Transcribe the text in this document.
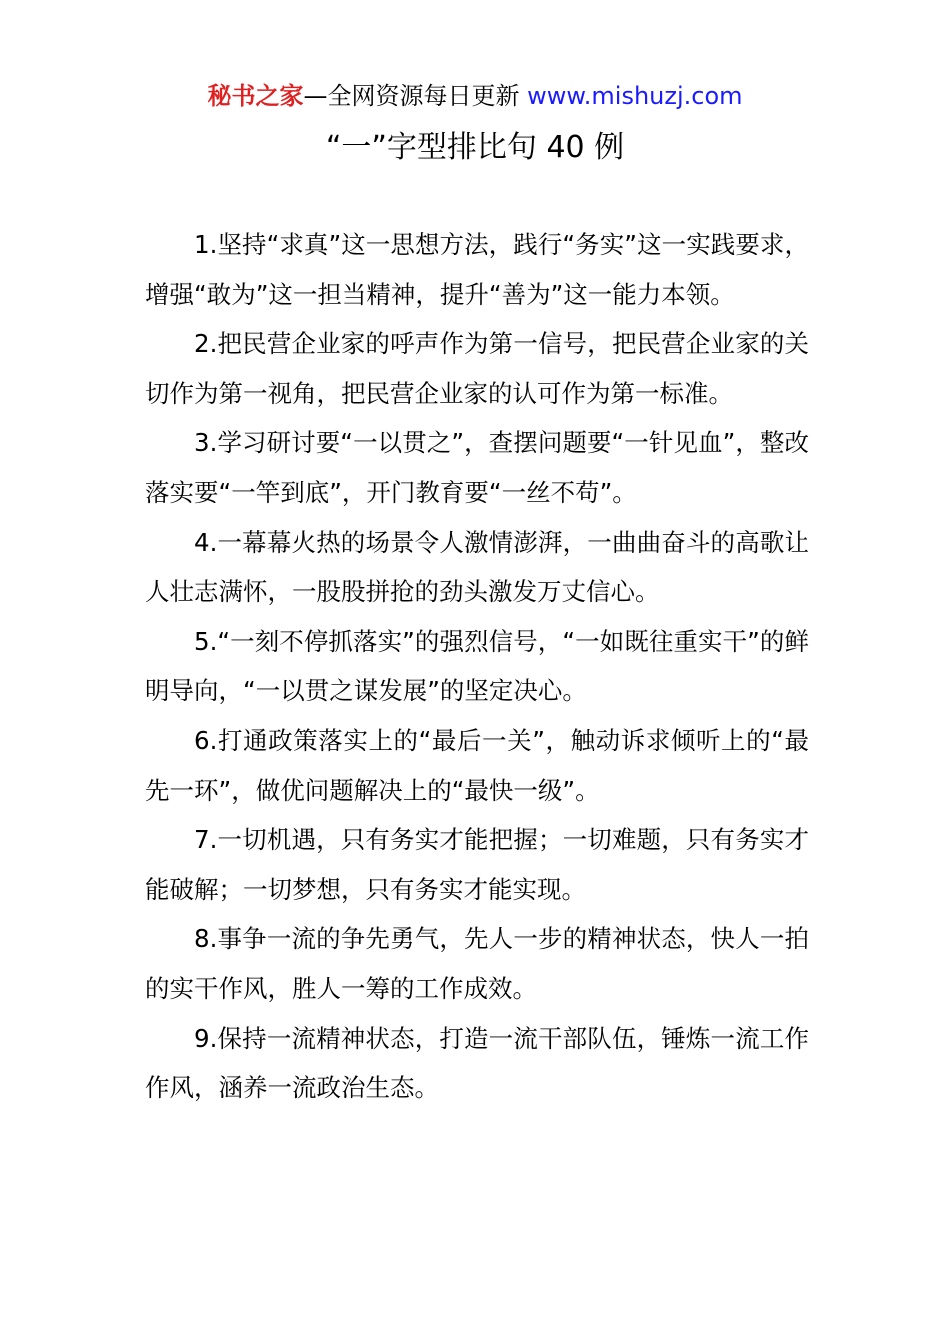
秘书之家—全网资源每日更新 www.mishuzj.com
“一”字型排比句 40 例

1.坚持“求真”这一思想方法，践行“务实”这一实践要求，增强“敢为”这一担当精神，提升“善为”这一能力本领。

2.把民营企业家的呼声作为第一信号，把民营企业家的关切作为第一视角，把民营企业家的认可作为第一标准。

3.学习研讨要“一以贯之”，查摆问题要“一针见血”，整改落实要“一竿到底”，开门教育要“一丝不苟”。

4.一幕幕火热的场景令人激情澎湃，一曲曲奋斗的高歌让人壮志满怀，一股股拼抢的劲头激发万丈信心。

5.“一刻不停抓落实”的强烈信号，“一如既往重实干”的鲜明导向，“一以贯之谋发展”的坚定决心。

6.打通政策落实上的“最后一关”，触动诉求倾听上的“最先一环”，做优问题解决上的“最快一级”。

7.一切机遇，只有务实才能把握；一切难题，只有务实才能破解；一切梦想，只有务实才能实现。

8.事争一流的争先勇气，先人一步的精神状态，快人一拍的实干作风，胜人一筹的工作成效。

9.保持一流精神状态，打造一流干部队伍，锤炼一流工作作风，涵养一流政治生态。
